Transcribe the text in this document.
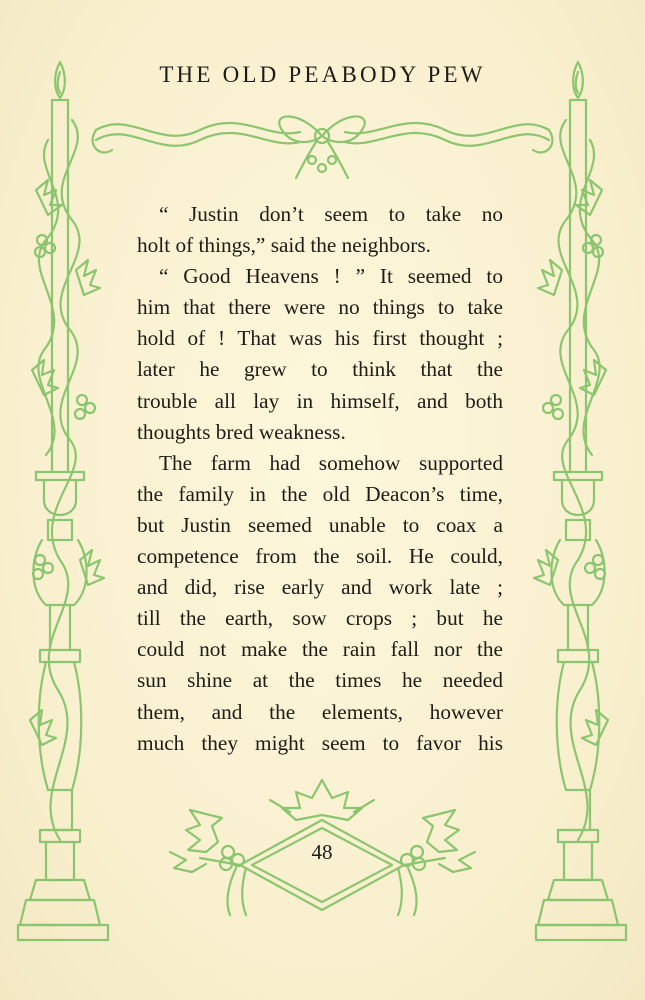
THE OLD PEABODY PEW
“ Justin don’t seem to take no
holt of things,” said the neighbors.
“ Good Heavens ! ” It seemed to
him that there were no things to take
hold of ! That was his first thought ;
later he grew to think that the
trouble all lay in himself, and both
thoughts bred weakness.
The farm had somehow supported
the family in the old Deacon’s time,
but Justin seemed unable to coax a
competence from the soil. He could,
and did, rise early and work late ;
till the earth, sow crops ; but he
could not make the rain fall nor the
sun shine at the times he needed
them, and the elements, however
much they might seem to favor his
48
